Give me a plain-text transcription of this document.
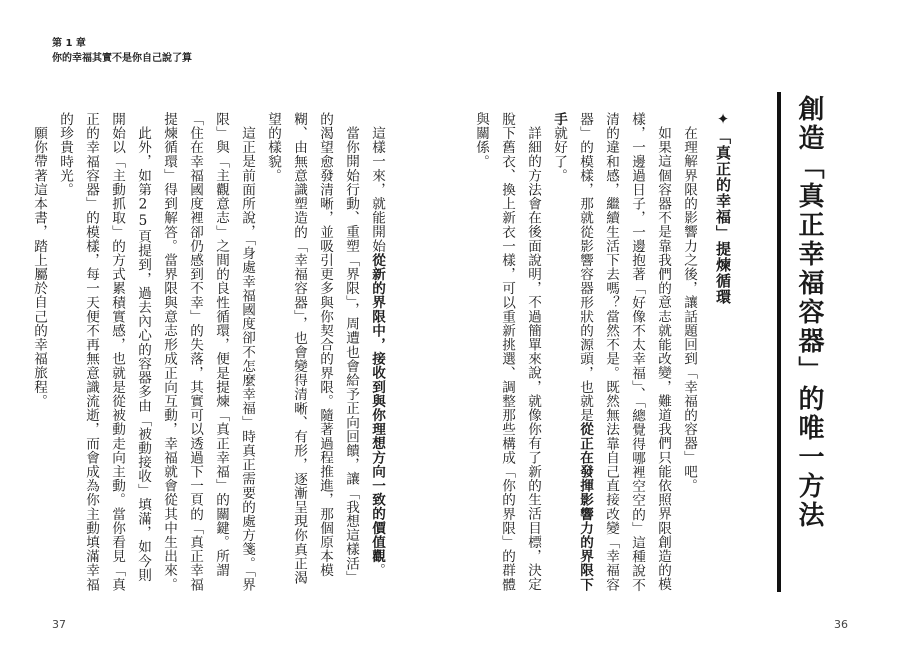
第 1 章
你的幸福其實不是你自己說了算
創造「真正幸福容器」的唯一方法
✦「真正的幸福」提煉循環

在理解界限的影響力之後，讓話題回到「幸福的容器」吧。

如果這個容器不是靠我們的意志就能改變，難道我們只能依照界限創造的模樣，一邊過日子，一邊抱著「好像不太幸福」、「總覺得哪裡空空的」這種說不清的違和感，繼續生活下去嗎？當然不是。既然無法靠自己直接改變「幸福容器」的模樣，那就從影響容器形狀的源頭，也就是從正在發揮影響力的界限下手就好了。

詳細的方法會在後面說明，不過簡單來說，就像你有了新的生活目標，決定脫下舊衣、換上新衣一樣，可以重新挑選、調整那些構成「你的界限」的群體與關係。

這樣一來，就能開始從新的界限中，接收到與你理想方向一致的價值觀。

當你開始行動、重塑「界限」，周遭也會給予正向回饋，讓「我想這樣活」的渴望愈發清晰，並吸引更多與你契合的界限。隨著過程推進，那個原本模糊、由無意識塑造的「幸福容器」，也會變得清晰、有形，逐漸呈現你真正渴望的樣貌。

這正是前面所說，「身處幸福國度卻不怎麼幸福」時真正需要的處方箋。「界限」與「主觀意志」之間的良性循環，便是提煉「真正幸福」的關鍵。所謂「住在幸福國度裡卻仍感到不幸」的失落，其實可以透過下一頁的「真正幸福提煉循環」得到解答。當界限與意志形成正向互動，幸福就會從其中生出來。

此外，如第25頁提到，過去內心的容器多由「被動接收」填滿，如今則開始以「主動抓取」的方式累積實感，也就是從被動走向主動。當你看見「真正的幸福容器」的模樣，每一天便不再無意識流逝，而會成為你主動填滿幸福的珍貴時光。

願你帶著這本書，踏上屬於自己的幸福旅程。

37	36
